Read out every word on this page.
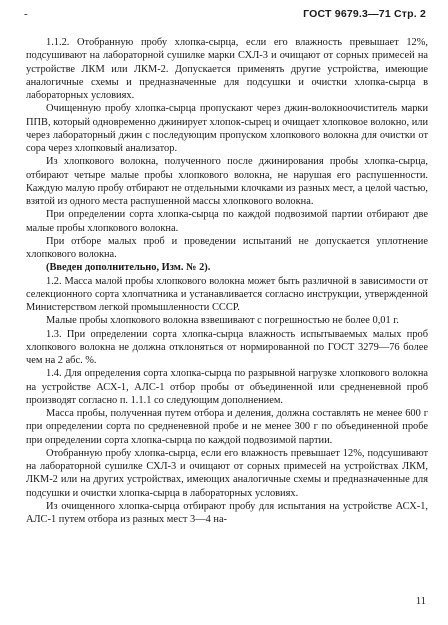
-	ГОСТ 9679.3—71 Стр. 2

1.1.2. Отобранную пробу хлопка-сырца, если его влажность превышает 12%, подсушивают на лабораторной сушилке марки СХЛ-3 и очищают от сорных примесей на устройстве ЛКМ или ЛКМ-2. Допускается применять другие устройства, имеющие аналогичные схемы и предназначенные для подсушки и очистки хлопка-сырца в лабораторных условиях.

Очищенную пробу хлопка-сырца пропускают через джин-волокноочиститель марки ППВ, который одновременно джинирует хлопок-сырец и очищает хлопковое волокно, или через лабораторный джин с последующим пропуском хлопкового волокна для очистки от сора через хлопковый анализатор.

Из хлопкового волокна, полученного после джинирования пробы хлопка-сырца, отбирают четыре малые пробы хлопкового волокна, не нарушая его распушенности. Каждую малую пробу отбирают не отдельными клочками из разных мест, а целой частью, взятой из одного места распушенной массы хлопкового волокна.

При определении сорта хлопка-сырца по каждой подвозимой партии отбирают две малые пробы хлопкового волокна.

При отборе малых проб и проведении испытаний не допускается уплотнение хлопкового волокна.

(Введен дополнительно, Изм. № 2).

1.2. Масса малой пробы хлопкового волокна может быть различной в зависимости от селекционного сорта хлопчатника и устанавливается согласно инструкции, утвержденной Министерством легкой промышленности СССР.

Малые пробы хлопкового волокна взвешивают с погрешностью не более 0,01 г.

1.3. При определении сорта хлопка-сырца влажность испытываемых малых проб хлопкового волокна не должна отклоняться от нормированной по ГОСТ 3279—76 более чем на 2 абс. %.

1.4. Для определения сорта хлопка-сырца по разрывной нагрузке хлопкового волокна на устройстве АСХ-1, АЛС-1 отбор пробы от объединенной или средненевной проб производят согласно п. 1.1.1 со следующим дополнением.

Масса пробы, полученная путем отбора и деления, должна составлять не менее 600 г при определении сорта по средненевной пробе и не менее 300 г по объединенной пробе при определении сорта хлопка-сырца по каждой подвозимой партии.

Отобранную пробу хлопка-сырца, если его влажность превышает 12%, подсушивают на лабораторной сушилке СХЛ-3 и очищают от сорных примесей на устройствах ЛКМ, ЛКМ-2 или на других устройствах, имеющих аналогичные схемы и предназначенные для подсушки и очистки хлопка-сырца в лабораторных условиях.

Из очищенного хлопка-сырца отбирают пробу для испытания на устройстве АСХ-1, АЛС-1 путем отбора из разных мест 3—4 на-

11
